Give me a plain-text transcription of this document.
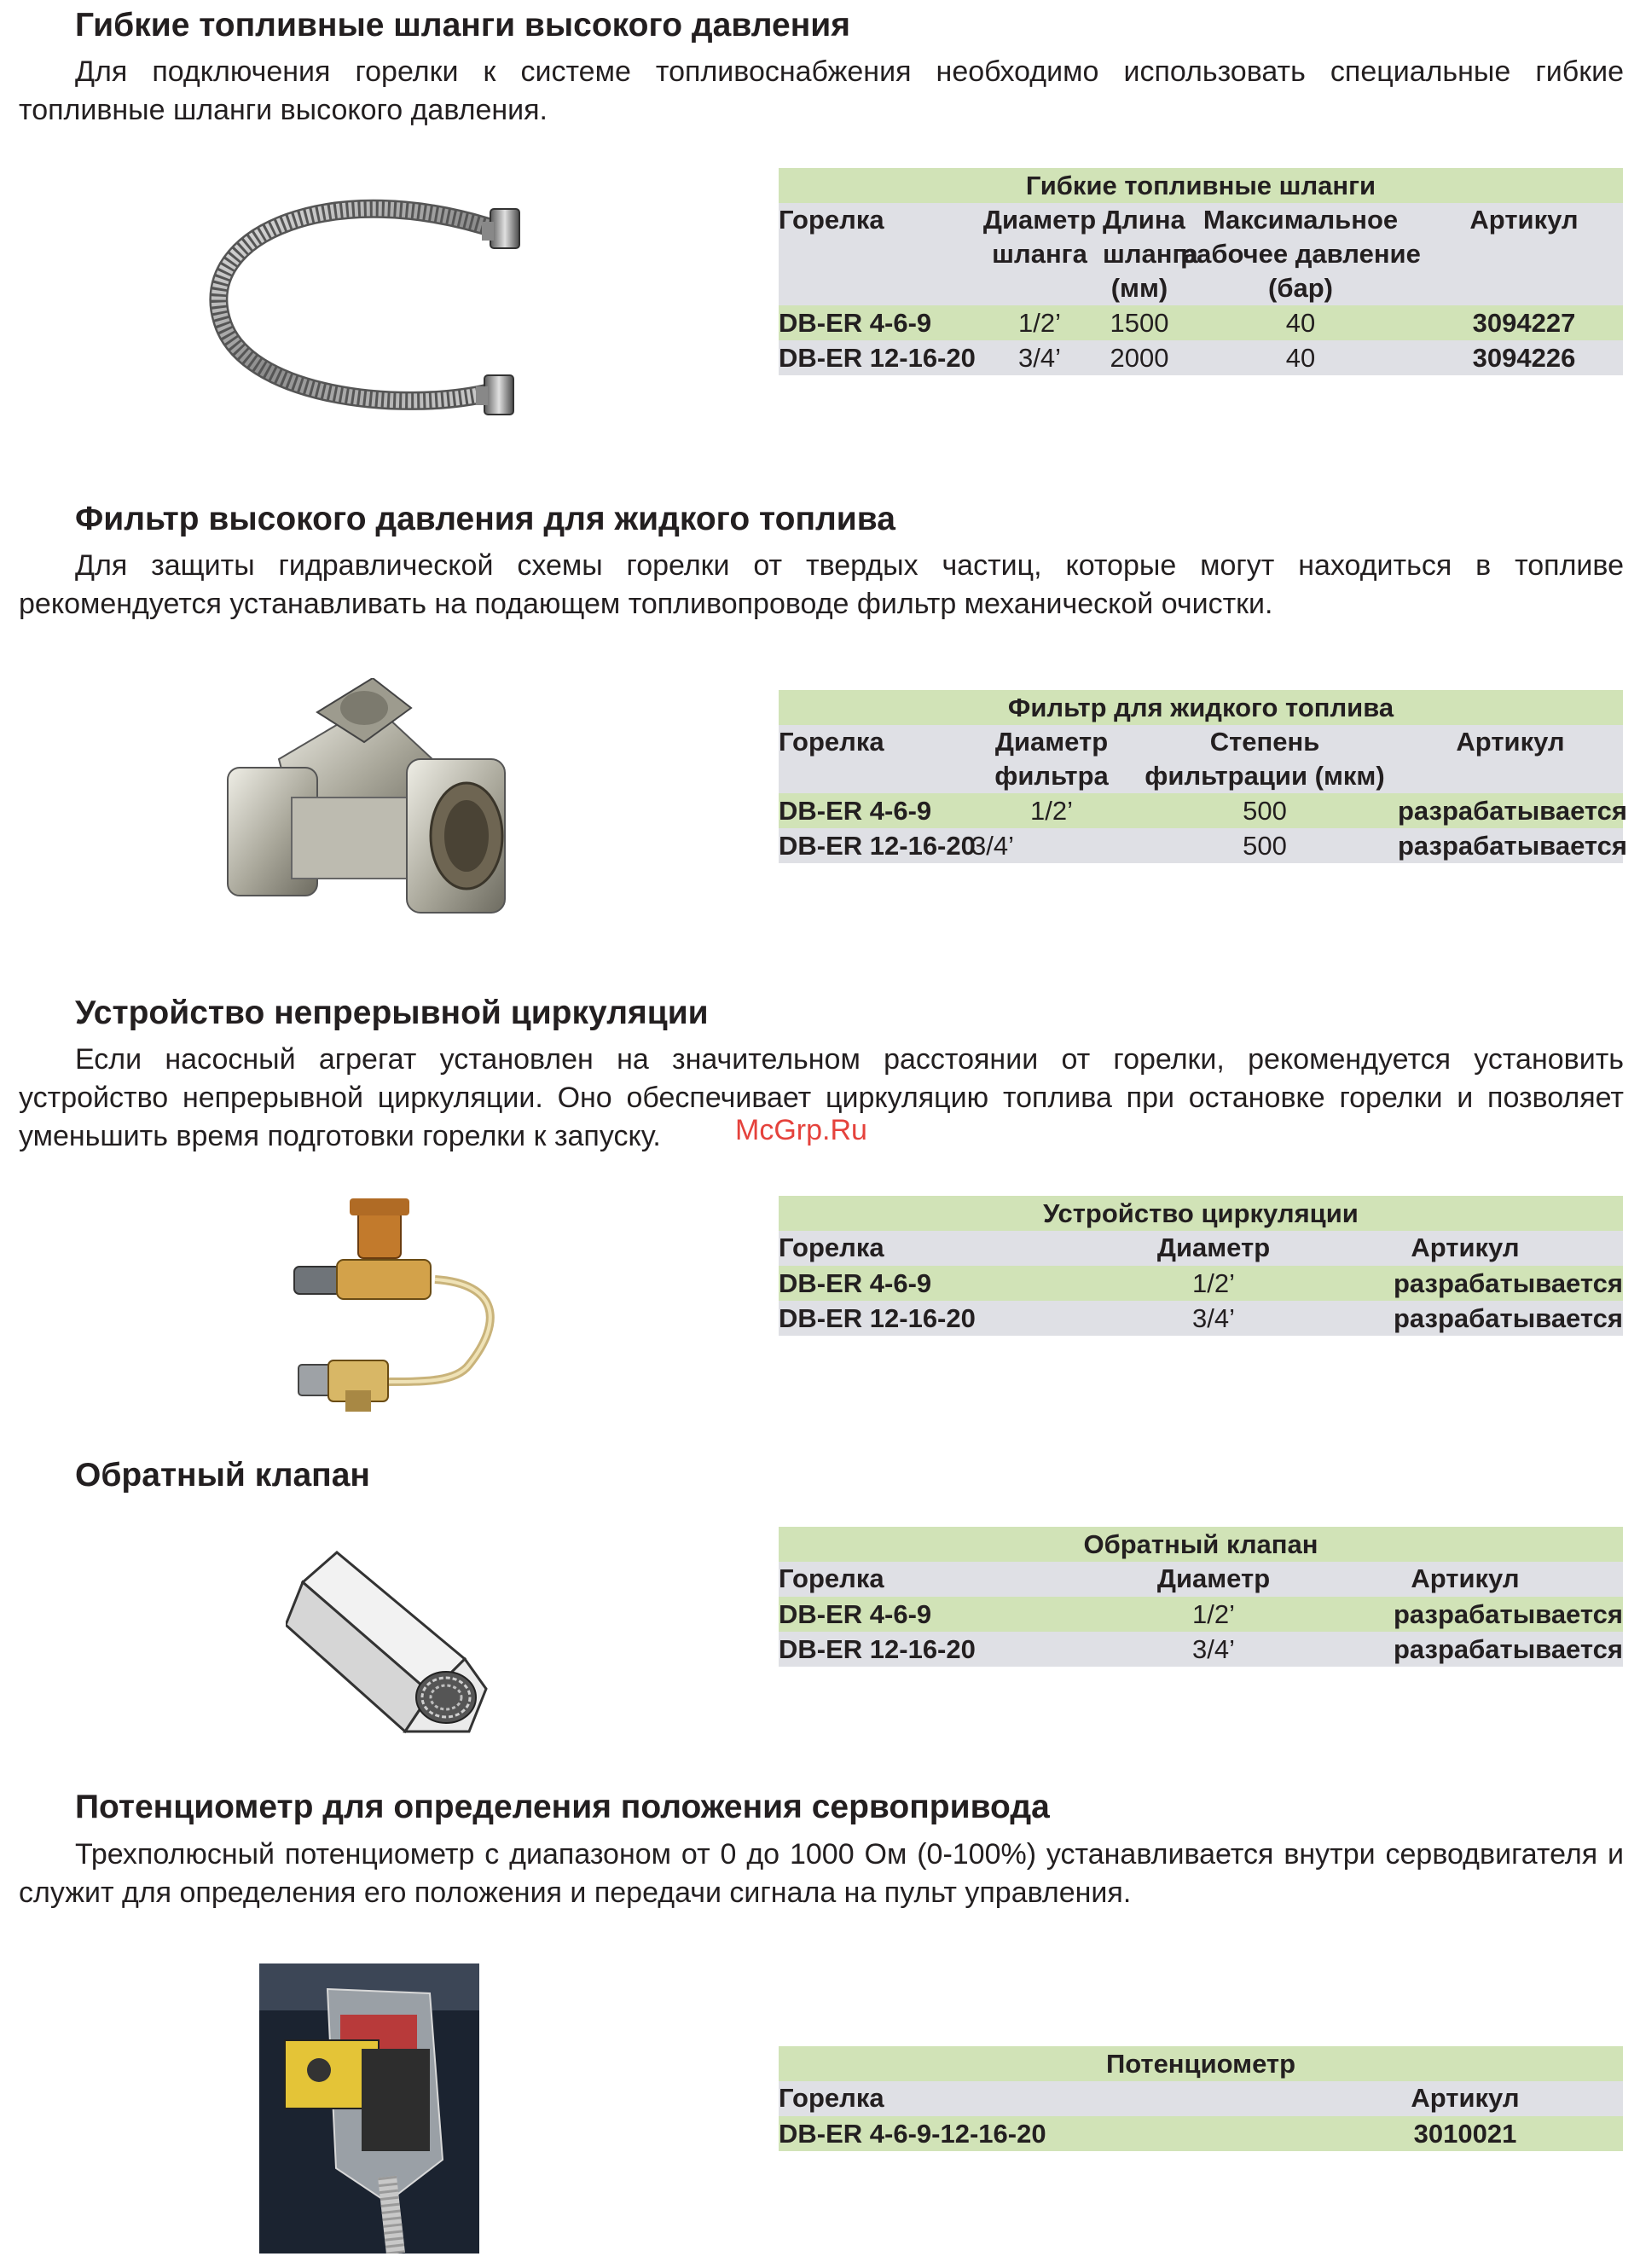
Гибкие топливные шланги высокого давления

Для подключения горелки к системе топливоснабжения необходимо использовать специальные гибкие топливные шланги высокого давления.

Гибкие топливные шланги				
Горелка	Диаметр шланга	Длина шланга (мм)	Максимальное рабочее давление (бар)	Артикул
DB-ER 4-6-9	1/2’	1500	40	3094227
DB-ER 12-16-20	3/4’	2000	40	3094226
Фильтр высокого давления для жидкого топлива

Для защиты гидравлической схемы горелки от твердых частиц, которые могут находиться в топливе рекомендуется устанавливать на подающем топливопроводе фильтр механической очистки.

Фильтр для жидкого топлива			
Горелка	Диаметр фильтра	Степень фильтрации (мкм)	Артикул
DB-ER 4-6-9	1/2’	500	разрабатывается
DB-ER 12-16-20	3/4’	500	разрабатывается
Устройство непрерывной циркуляции

Если насосный агрегат установлен на значительном расстоянии от горелки, рекомендуется установить устройство непрерывной циркуляции. Оно обеспечивает циркуляцию топлива при остановке горелки и позволяет уменьшить время подготовки горелки к запуску.	McGrp.Ru
Устройство циркуляции		
Горелка	Диаметр	Артикул
DB-ER 4-6-9	1/2’	разрабатывается
DB-ER 12-16-20	3/4’	разрабатывается
Обратный клапан
Обратный клапан		
Горелка	Диаметр	Артикул
DB-ER 4-6-9	1/2’	разрабатывается
DB-ER 12-16-20	3/4’	разрабатывается
Потенциометр для определения положения сервопривода

Трехполюсный потенциометр с диапазоном от 0 до 1000 Ом (0-100%) устанавливается внутри серводвигателя и служит для определения его положения и передачи сигнала на пульт управления.

Потенциометр	
Горелка	Артикул
DB-ER 4-6-9-12-16-20	3010021
